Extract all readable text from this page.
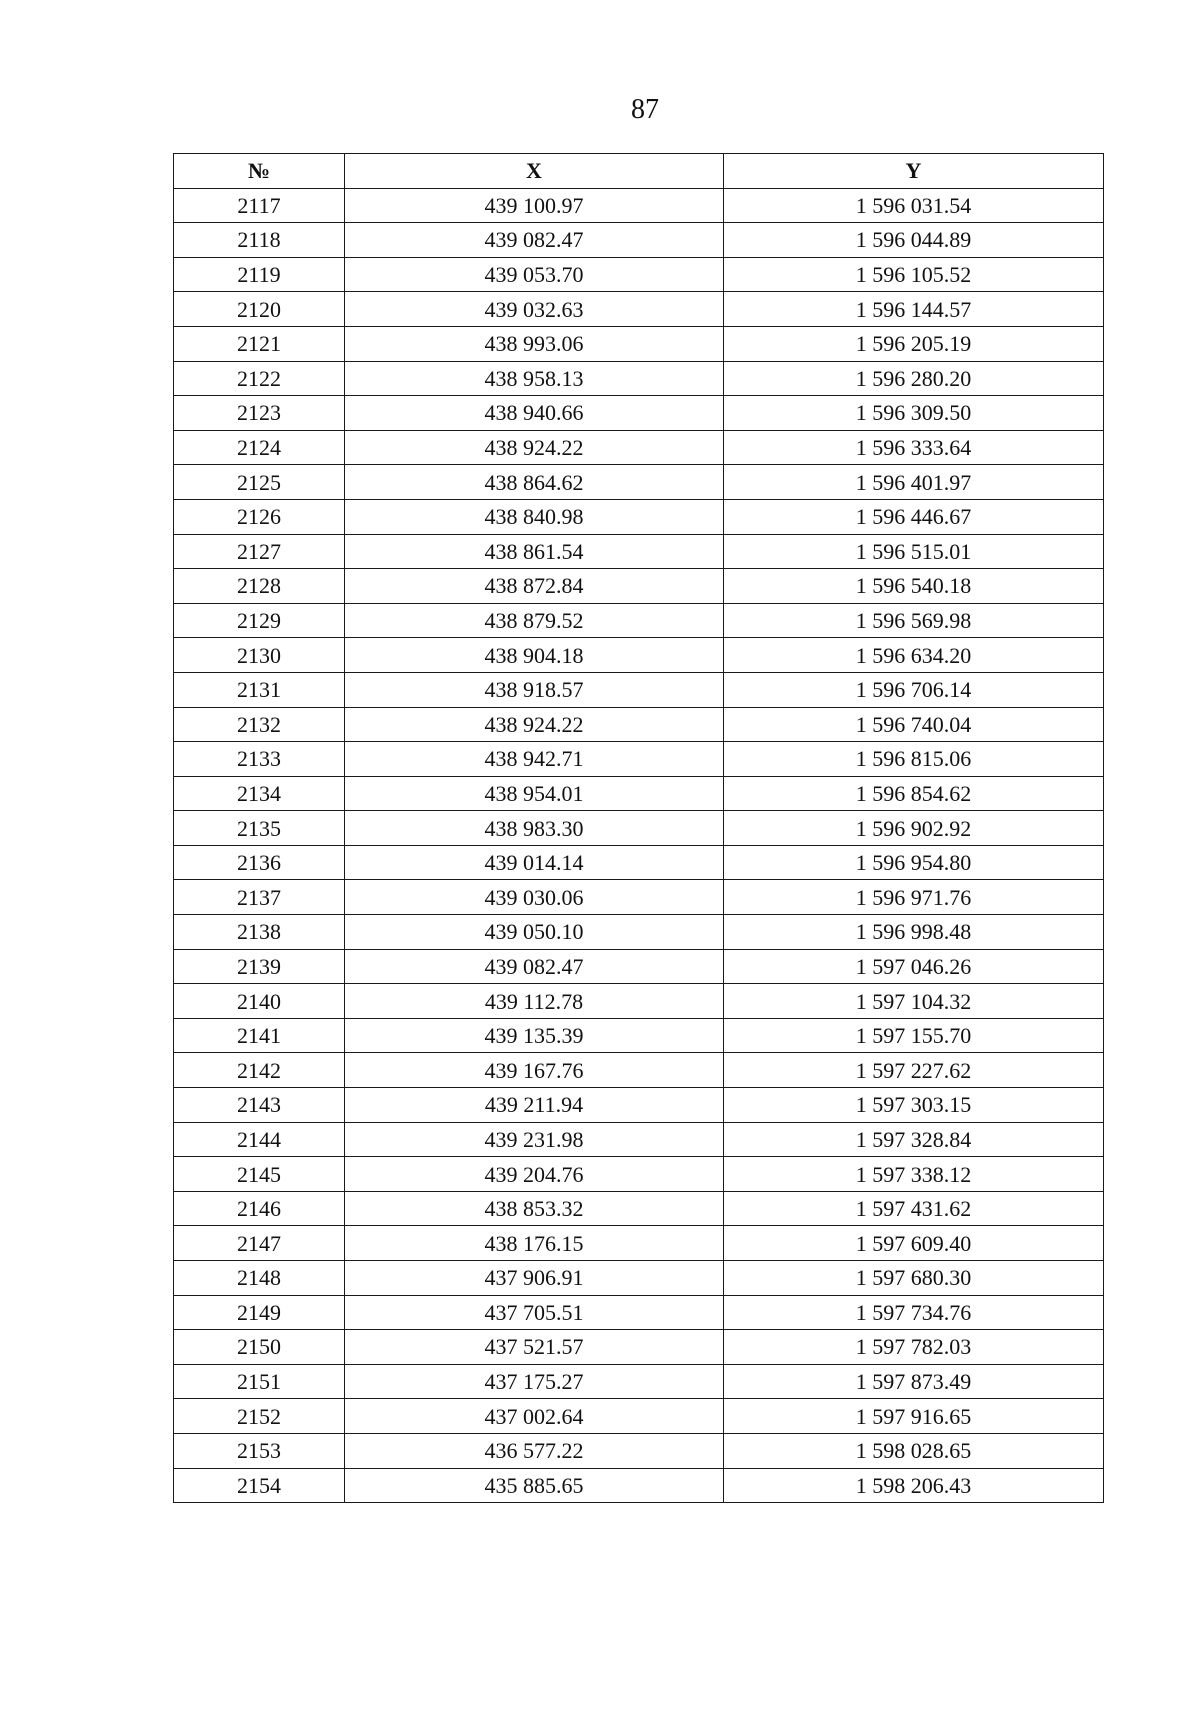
87
№	X	Y
2117	439 100.97	1 596 031.54
2118	439 082.47	1 596 044.89
2119	439 053.70	1 596 105.52
2120	439 032.63	1 596 144.57
2121	438 993.06	1 596 205.19
2122	438 958.13	1 596 280.20
2123	438 940.66	1 596 309.50
2124	438 924.22	1 596 333.64
2125	438 864.62	1 596 401.97
2126	438 840.98	1 596 446.67
2127	438 861.54	1 596 515.01
2128	438 872.84	1 596 540.18
2129	438 879.52	1 596 569.98
2130	438 904.18	1 596 634.20
2131	438 918.57	1 596 706.14
2132	438 924.22	1 596 740.04
2133	438 942.71	1 596 815.06
2134	438 954.01	1 596 854.62
2135	438 983.30	1 596 902.92
2136	439 014.14	1 596 954.80
2137	439 030.06	1 596 971.76
2138	439 050.10	1 596 998.48
2139	439 082.47	1 597 046.26
2140	439 112.78	1 597 104.32
2141	439 135.39	1 597 155.70
2142	439 167.76	1 597 227.62
2143	439 211.94	1 597 303.15
2144	439 231.98	1 597 328.84
2145	439 204.76	1 597 338.12
2146	438 853.32	1 597 431.62
2147	438 176.15	1 597 609.40
2148	437 906.91	1 597 680.30
2149	437 705.51	1 597 734.76
2150	437 521.57	1 597 782.03
2151	437 175.27	1 597 873.49
2152	437 002.64	1 597 916.65
2153	436 577.22	1 598 028.65
2154	435 885.65	1 598 206.43
